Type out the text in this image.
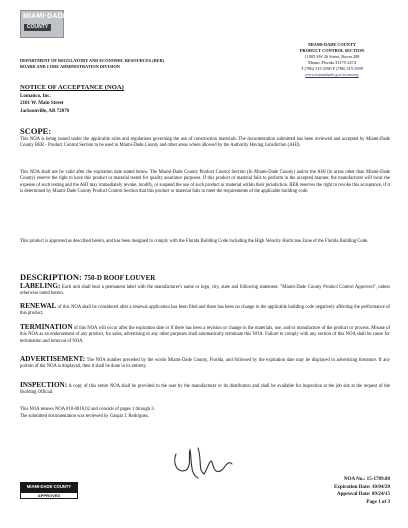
MIAMI·DADE
COUNTY
DEPARTMENT OF REGULATORY AND ECONOMIC RESOURCES (RER)
BOARD AND CODE ADMINISTRATION DIVISION
MIAMI-DADE COUNTY
PRODUCT CONTROL SECTION
11805 SW 26 Street, Room 208
Miami, Florida 33175-2474
T (786) 315-2590 F (786) 315-2599
www.miamidade.gov/economy
NOTICE OF ACCEPTANCE (NOA)
Lomanco, Inc.
2101 W. Main Street
Jacksonville, AR 72076
SCOPE:
This NOA is being issued under the applicable rules and regulations governing the use of construction materials. The documentation submitted has been reviewed and accepted by Miami-Dade County RER - Product Control Section to be used in Miami-Dade County and other areas where allowed by the Authority Having Jurisdiction (AHJ).
This NOA shall not be valid after the expiration date stated below. The Miami-Dade County Product Control Section (In Miami-Dade County) and/or the AHJ (in areas other than Miami-Dade County) reserve the right to have this product or material tested for quality assurance purposes. If this product or material fails to perform in the accepted manner, the manufacturer will incur the expense of such testing and the AHJ may immediately revoke, modify, or suspend the use of such product or material within their jurisdiction. RER reserves the right to revoke this acceptance, if it is determined by Miami-Dade County Product Control Section that this product or material fails to meet the requirements of the applicable building code.
This product is approved as described herein, and has been designed to comply with the Florida Building Code including the High Velocity Hurricane Zone of the Florida Building Code.
DESCRIPTION: 750-D ROOF LOUVER
LABELING: Each unit shall bear a permanent label with the manufacturer's name or logo, city, state and following statement: "Miami-Dade County Product Control Approved", unless otherwise noted herein.
RENEWAL of this NOA shall be considered after a renewal application has been filed and there has been no change in the applicable building code negatively affecting the performance of this product.
TERMINATION of this NOA will occur after the expiration date or if there has been a revision or change in the materials, use, and/or manufacture of the product or process. Misuse of this NOA as an endorsement of any product, for sales, advertising or any other purposes shall automatically terminate this NOA. Failure to comply with any section of this NOA shall be cause for termination and removal of NOA.
ADVERTISEMENT: The NOA number preceded by the words Miami-Dade County, Florida, and followed by the expiration date may be displayed in advertising literature. If any portion of the NOA is displayed, then it shall be done in its entirety.
INSPECTION: A copy of this entire NOA shall be provided to the user by the manufacturer or its distributors and shall be available for inspection at the job site at the request of the Building Official.
This NOA renews NOA #10-0818.02 and consists of pages 1 through 3.
The submitted documentation was reviewed by Gaspar J. Rodriguez.
NOA No.: 15-1709.08
Expiration Date: 10/04/20
Approval Date: 09/24/15
Page 1 of 3
MIAMI-DADE COUNTY
APPROVED
